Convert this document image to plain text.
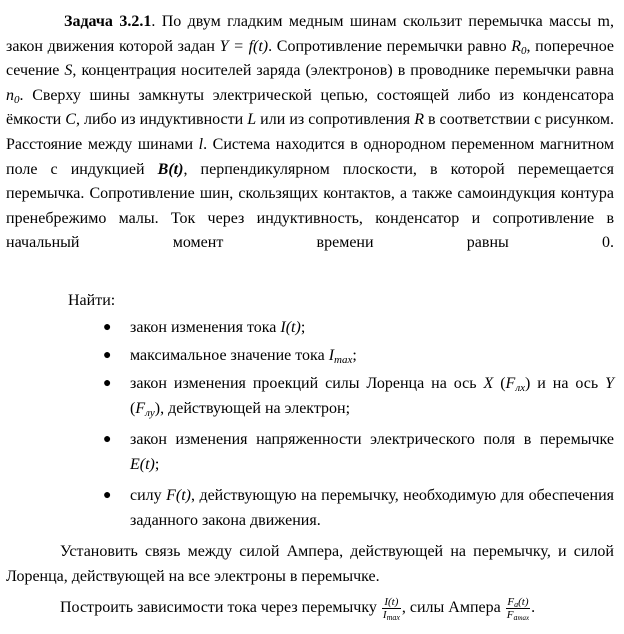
Задача 3.2.1. По двум гладким медным шинам скользит перемычка массы m, закон движения которой задан Y = f(t). Сопротивление перемычки равно $R_0$, поперечное сечение S, концентрация носителей заряда (электронов) в проводнике перемычки равна $n_0$. Сверху шины замкнуты электрической цепью, состоящей либо из конденсатора ёмкости C, либо из индуктивности L или из сопротивления R в соответствии с рисунком. Расстояние между шинами l. Система находится в однородном переменном магнитном поле с индукцией B(t), перпендикулярном плоскости, в которой перемещается перемычка. Сопротивление шин, скользящих контактов, а также самоиндукция контура пренебрежимо малы. Ток через индуктивность, конденсатор и сопротивление в начальный момент времени равны 0.
Найти:
● закон изменения тока I(t);
● максимальное значение тока $I_{max}$;
● закон изменения проекций силы Лоренца на ось X $(F_{лx})$ и на ось Y $(F_{лy})$, действующей на электрон;
● закон изменения напряженности электрического поля в перемычке E(t);
● силу F(t), действующую на перемычку, необходимую для обеспечения заданного закона движения.
Установить связь между силой Ампера, действующей на перемычку, и силой Лоренца, действующей на все электроны в перемычке.
Построить зависимости тока через перемычку $\frac{I(t)}{I_{max}}$ , силы Ампера $\frac{F_a(t)}{F_{amax}}$ .
